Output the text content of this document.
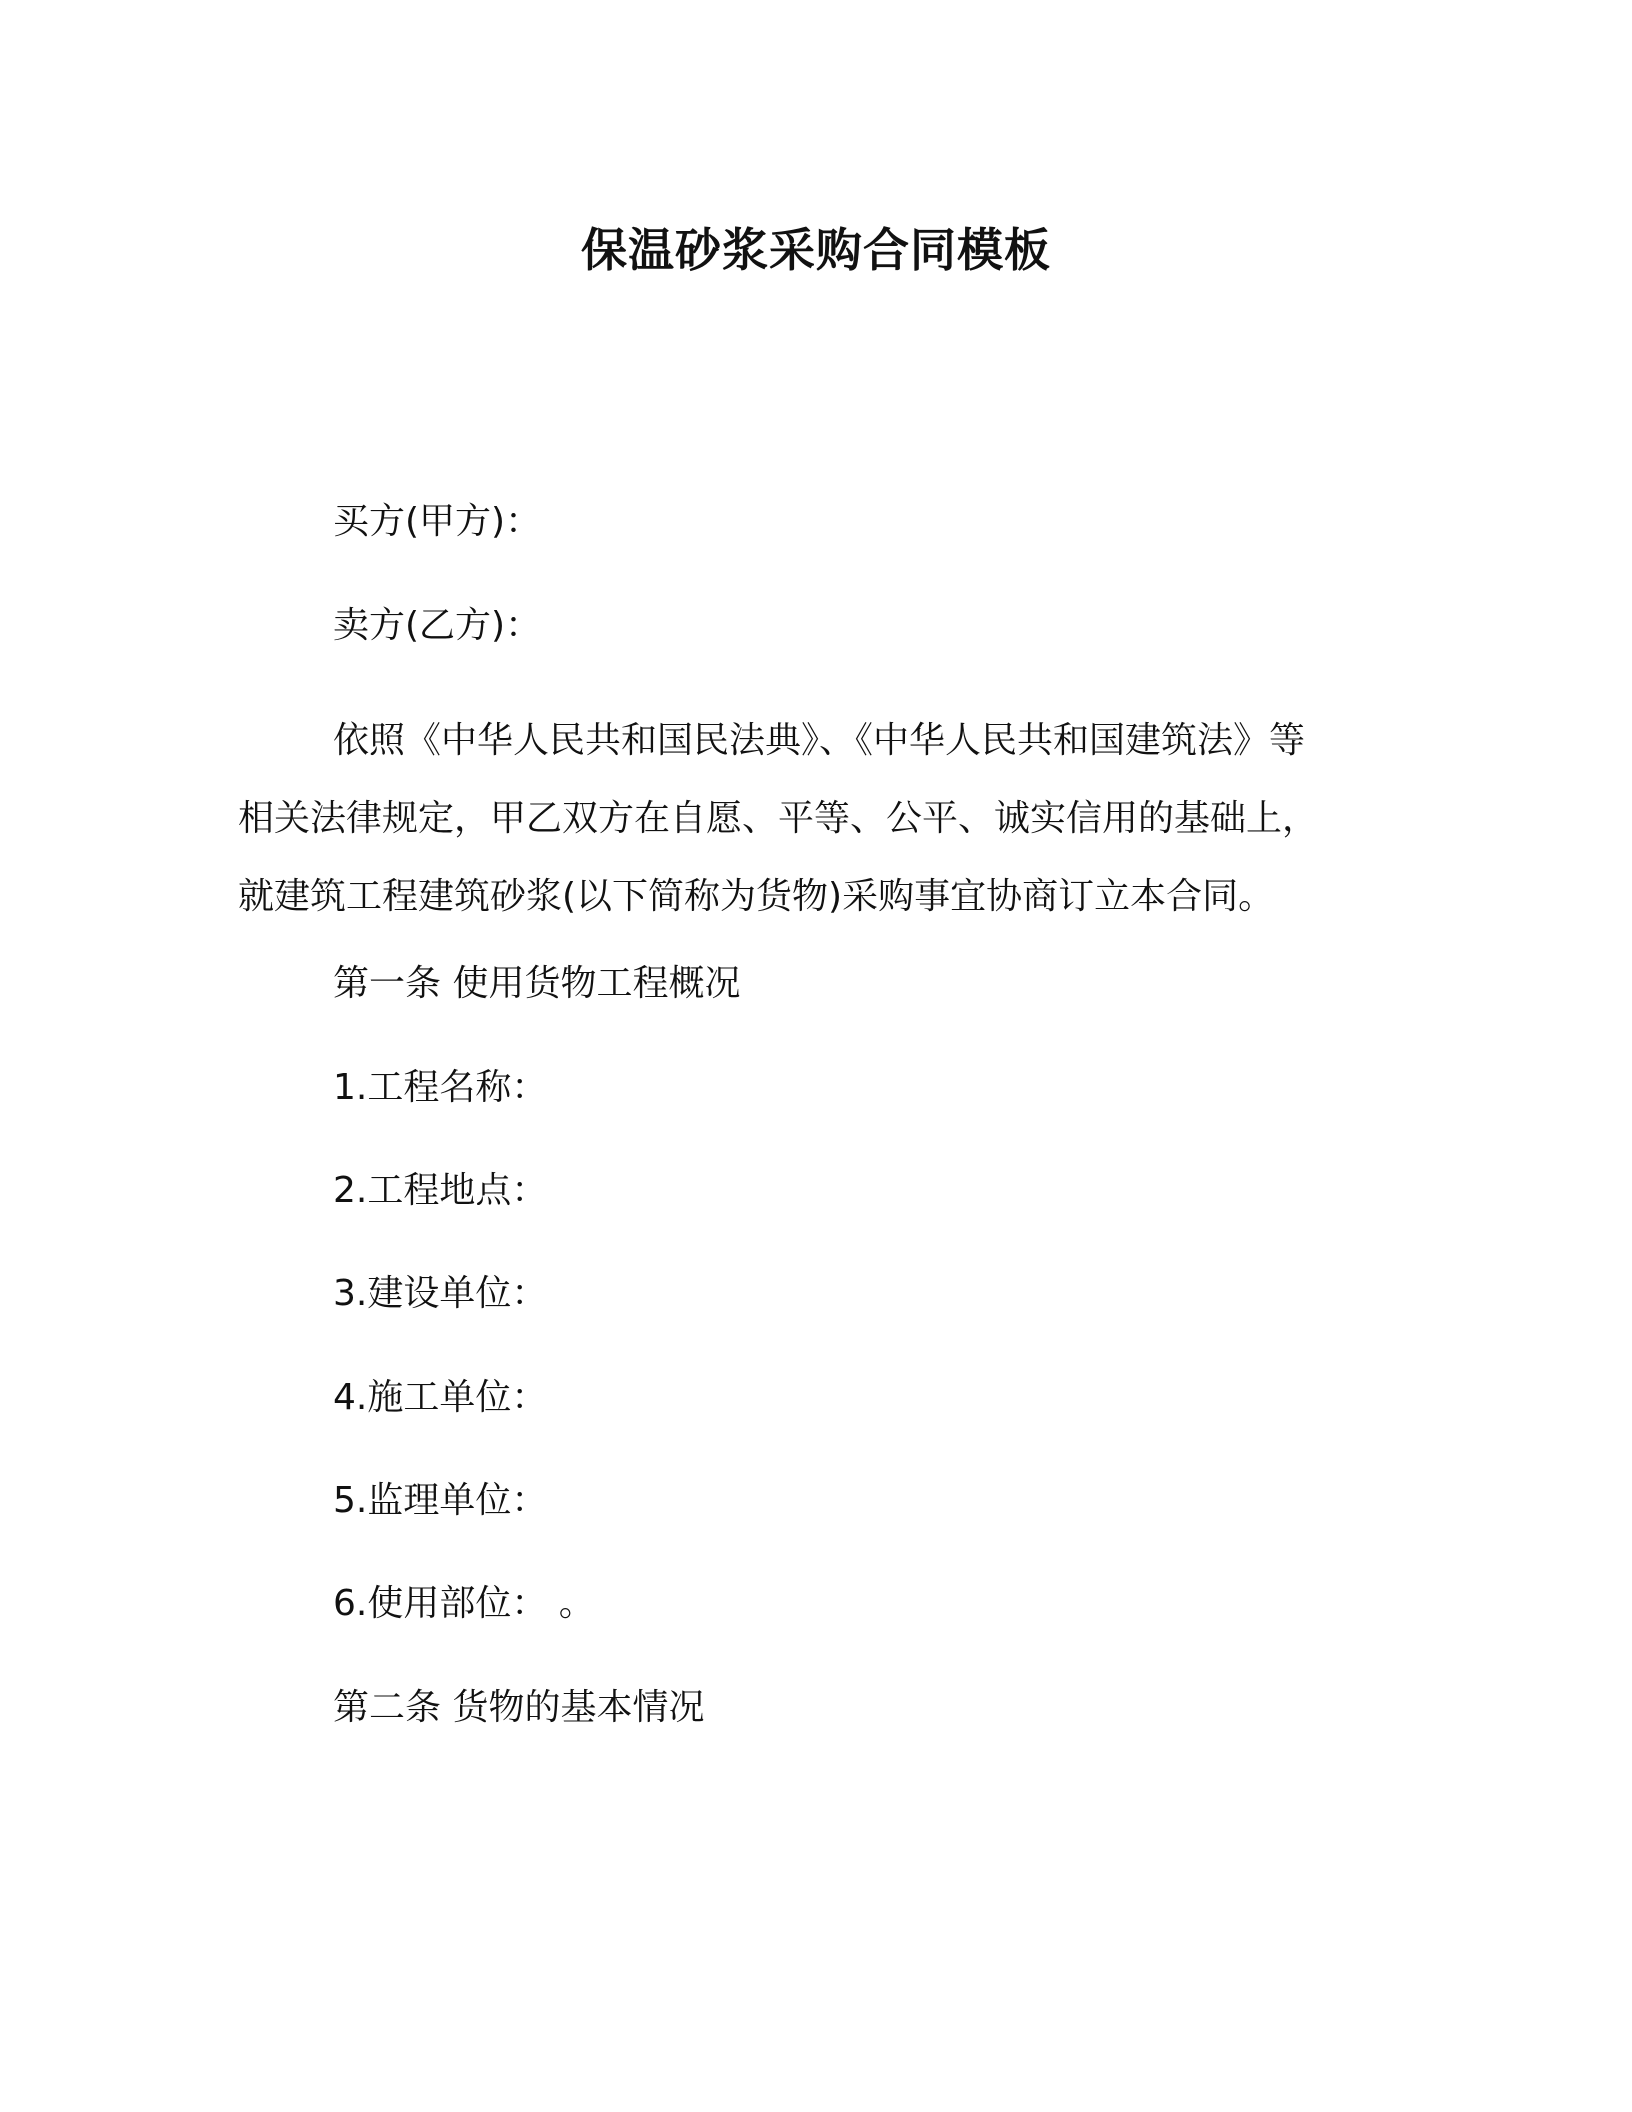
保温砂浆采购合同模板
买方(甲方)：
卖方(乙方)：
依照《中华人民共和国民法典》、《中华人民共和国建筑法》等
相关法律规定，甲乙双方在自愿、平等、公平、诚实信用的基础上，
就建筑工程建筑砂浆(以下简称为货物)采购事宜协商订立本合同。
第一条 使用货物工程概况
1.工程名称：
2.工程地点：
3.建设单位：
4.施工单位：
5.监理单位：
6.使用部位： 。
第二条 货物的基本情况
